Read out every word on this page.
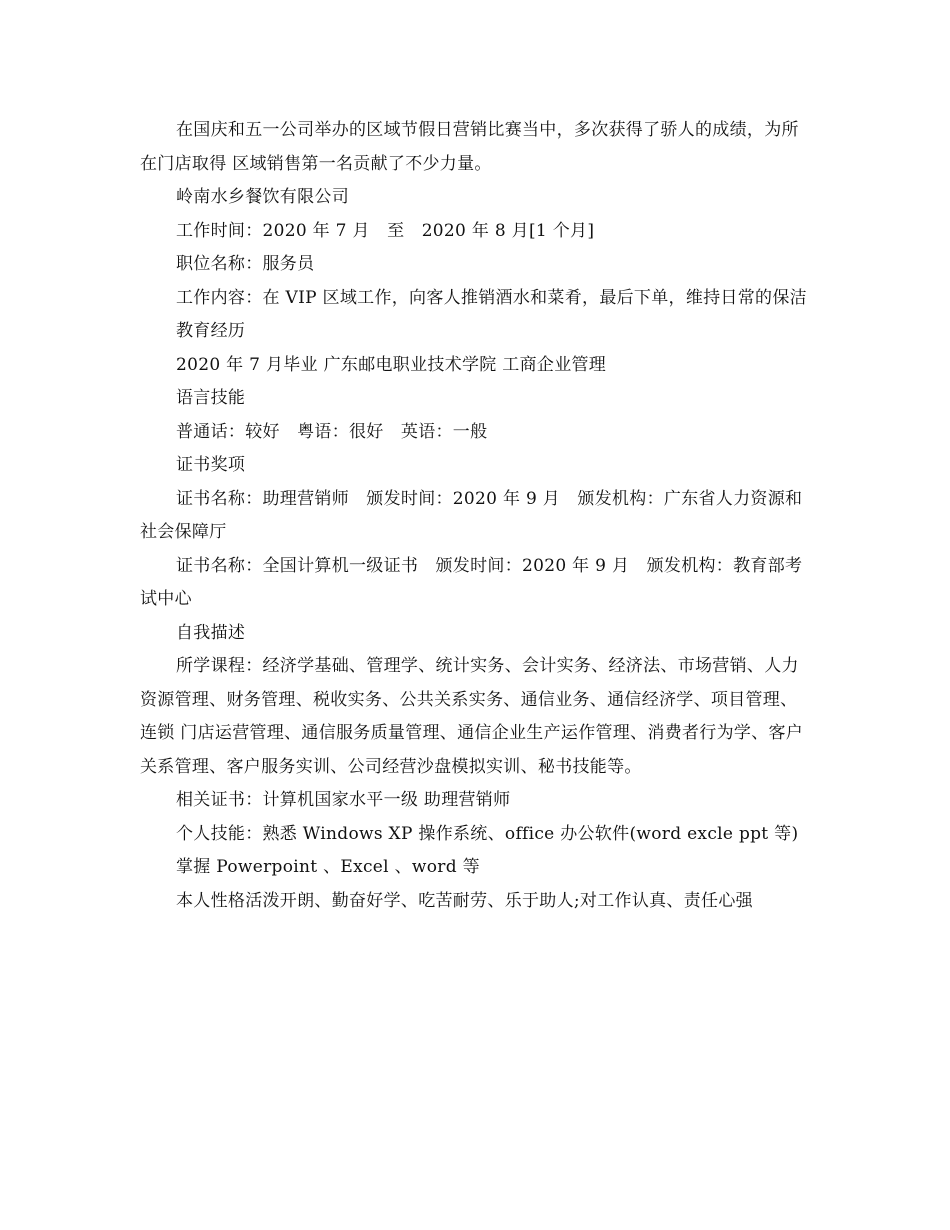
在国庆和五一公司举办的区域节假日营销比赛当中，多次获得了骄人的成绩，为所在门店取得 区域销售第一名贡献了不少力量。

岭南水乡餐饮有限公司

工作时间：2020 年 7 月　至　2020 年 8 月[1 个月]

职位名称：服务员

工作内容：在 VIP 区域工作，向客人推销酒水和菜肴，最后下单，维持日常的保洁

教育经历

2020 年 7 月毕业 广东邮电职业技术学院 工商企业管理

语言技能

普通话：较好　粤语：很好　英语：一般

证书奖项

证书名称：助理营销师　颁发时间：2020 年 9 月　颁发机构：广东省人力资源和社会保障厅

证书名称：全国计算机一级证书　颁发时间：2020 年 9 月　颁发机构：教育部考试中心

自我描述

所学课程：经济学基础、管理学、统计实务、会计实务、经济法、市场营销、人力资源管理、财务管理、税收实务、公共关系实务、通信业务、通信经济学、项目管理、连锁 门店运营管理、通信服务质量管理、通信企业生产运作管理、消费者行为学、客户关系管理、客户服务实训、公司经营沙盘模拟实训、秘书技能等。

相关证书：计算机国家水平一级 助理营销师

个人技能：熟悉 Windows XP 操作系统、office 办公软件(word excle ppt 等)

掌握 Powerpoint 、Excel 、word 等

本人性格活泼开朗、勤奋好学、吃苦耐劳、乐于助人;对工作认真、责任心强
